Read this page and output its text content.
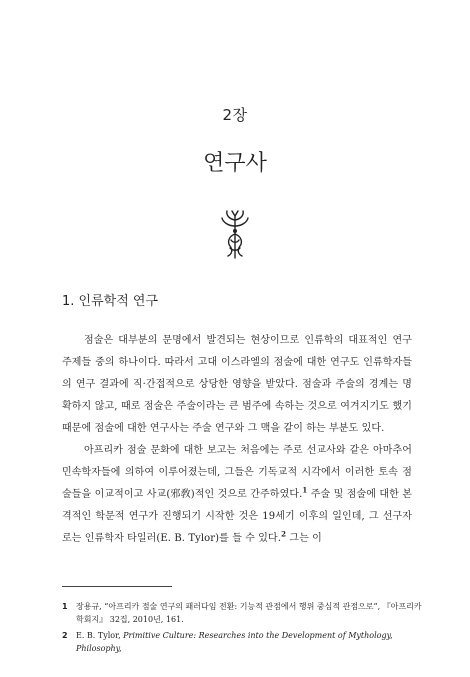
2장
연구사
1. 인류학적 연구

점술은 대부분의 문명에서 발견되는 현상이므로 인류학의 대표적인 연구 주제들 중의 하나이다. 따라서 고대 이스라엘의 점술에 대한 연구도 인류학자들의 연구 결과에 직·간접적으로 상당한 영향을 받았다. 점술과 주술의 경계는 명확하지 않고, 때로 점술은 주술이라는 큰 범주에 속하는 것으로 여겨지기도 했기 때문에 점술에 대한 연구사는 주술 연구와 그 맥을 같이 하는 부분도 있다.

아프리카 점술 문화에 대한 보고는 처음에는 주로 선교사와 같은 아마추어 민속학자들에 의하여 이루어졌는데, 그들은 기독교적 시각에서 이러한 토속 점술들을 이교적이고 사교(邪敎)적인 것으로 간주하였다.$^1$ 주술 및 점술에 대한 본격적인 학문적 연구가 진행되기 시작한 것은 19세기 이후의 일인데, 그 선구자로는 인류학자 타일러(E. B. Tylor)를 들 수 있다.$^2$ 그는 이

1	장용규, “아프리카 점술 연구의 패러다임 전환: 기능적 관점에서 행위 중심적 관점으로”, 『아프리카학회지』 32집, 2010년, 161.
2	E. B. Tylor, Primitive Culture: Researches into the Development of Mythology, Philosophy,
